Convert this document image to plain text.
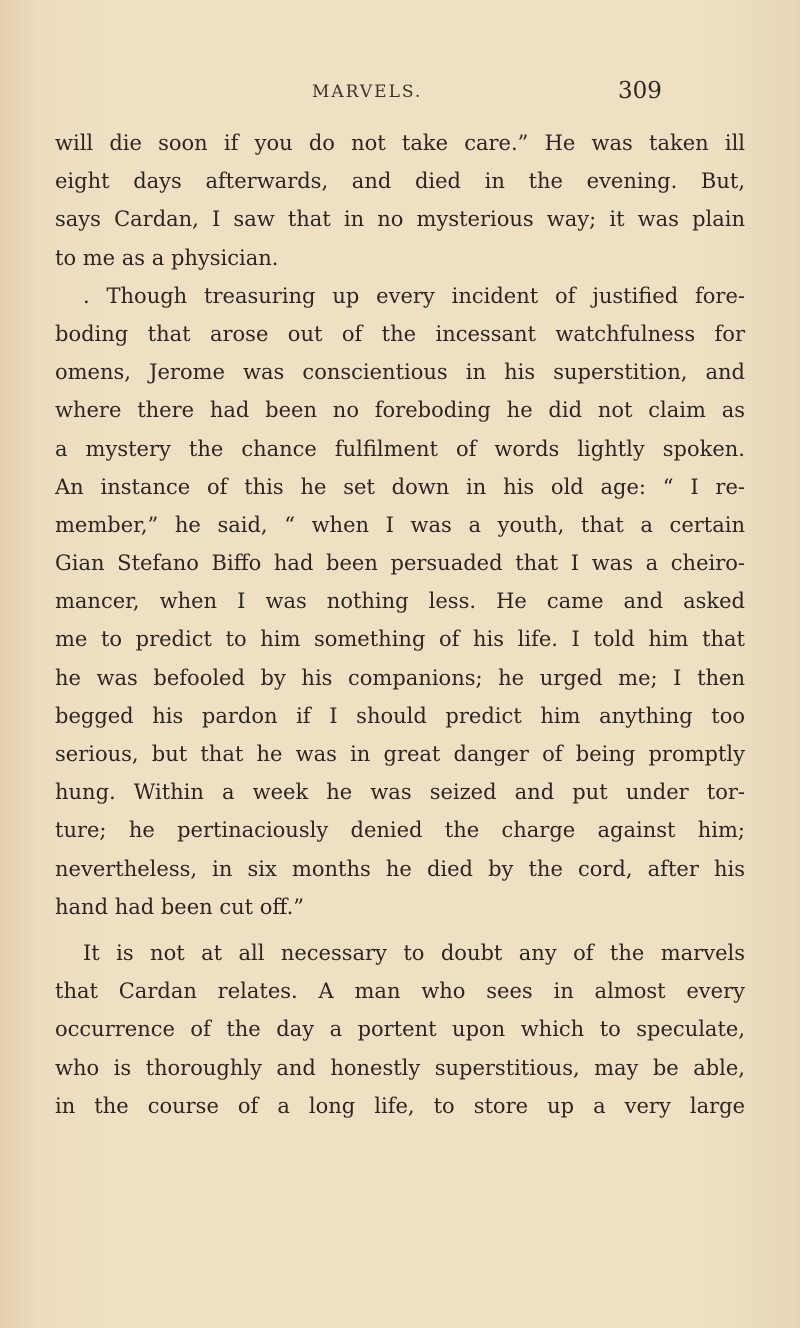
MARVELS.	309
will die soon if you do not take care.” He was taken ill
eight days afterwards, and died in the evening. But,
says Cardan, I saw that in no mysterious way; it was plain
to me as a physician.
. Though treasuring up every incident of justified fore-
boding that arose out of the incessant watchfulness for
omens, Jerome was conscientious in his superstition, and
where there had been no foreboding he did not claim as
a mystery the chance fulfilment of words lightly spoken.
An instance of this he set down in his old age: “ I re-
member,” he said, “ when I was a youth, that a certain
Gian Stefano Biffo had been persuaded that I was a cheiro-
mancer, when I was nothing less. He came and asked
me to predict to him something of his life. I told him that
he was befooled by his companions; he urged me; I then
begged his pardon if I should predict him anything too
serious, but that he was in great danger of being promptly
hung. Within a week he was seized and put under tor-
ture; he pertinaciously denied the charge against him;
nevertheless, in six months he died by the cord, after his
hand had been cut off.”
It is not at all necessary to doubt any of the marvels
that Cardan relates. A man who sees in almost every
occurrence of the day a portent upon which to speculate,
who is thoroughly and honestly superstitious, may be able,
in the course of a long life, to store up a very large
